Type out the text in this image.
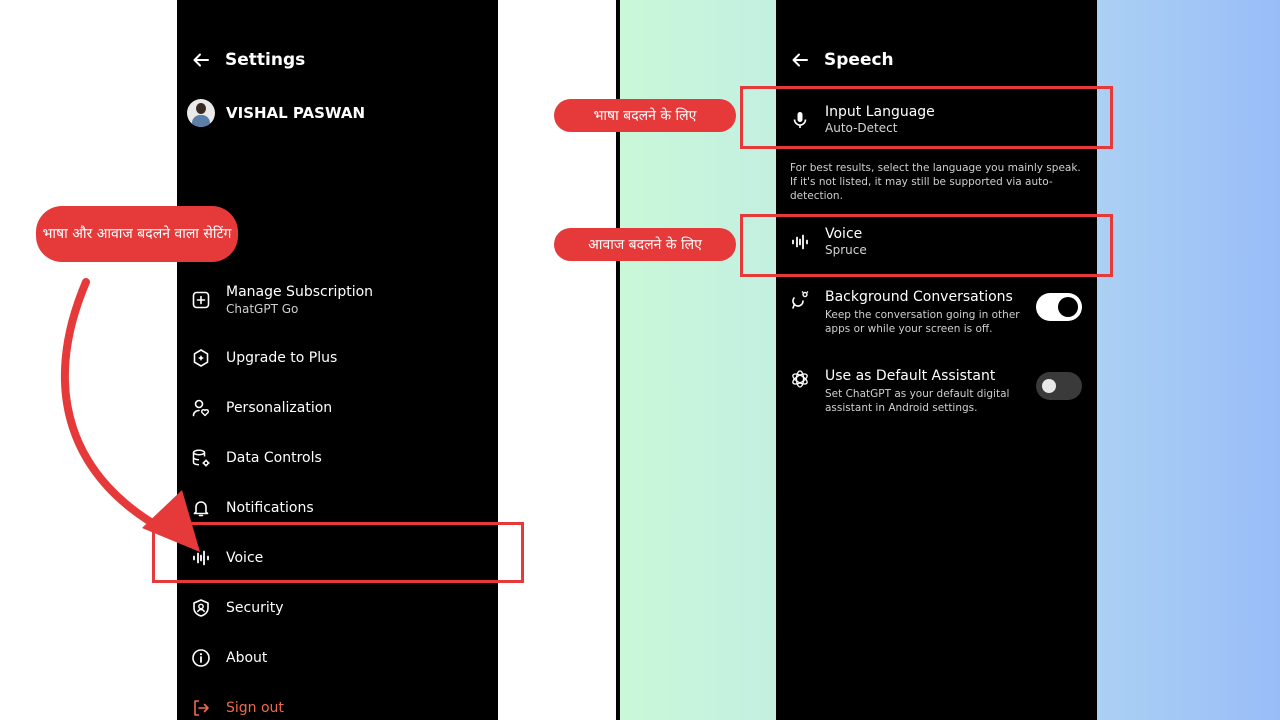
Settings
VISHAL PASWAN
Manage Subscription
ChatGPT Go
Upgrade to Plus
Personalization
Data Controls
Notifications
Voice
Security
About
Sign out
Speech
Input Language
Auto-Detect
For best results, select the language you mainly speak. If it's not listed, it may still be supported via auto-detection.
Voice
Spruce
Background Conversations
Keep the conversation going in other apps or while your screen is off.
Use as Default Assistant
Set ChatGPT as your default digital assistant in Android settings.
भाषा और आवाज बदलने वाला सेटिंग
भाषा बदलने के लिए
आवाज बदलने के लिए
